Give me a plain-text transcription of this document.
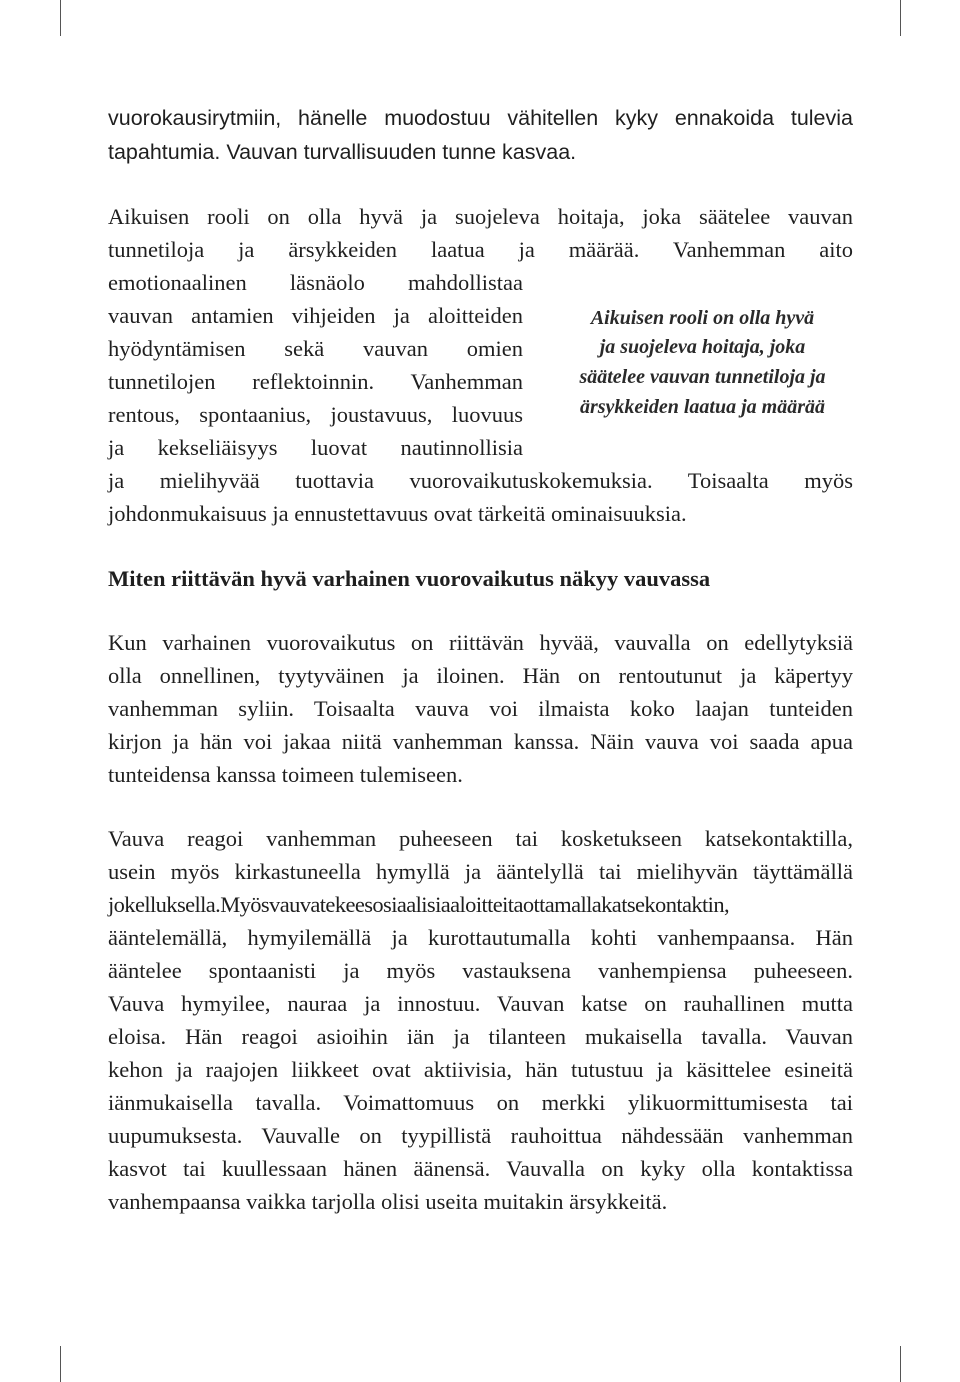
vuorokausirytmiin, hänelle muodostuu vähitellen kyky ennakoida tulevia
tapahtumia. Vauvan turvallisuuden tunne kasvaa.
Aikuisen rooli on olla hyvä ja suojeleva hoitaja, joka säätelee vauvan
tunnetiloja ja ärsykkeiden laatua ja määrää. Vanhemman aito
emotionaalinen läsnäolo mahdollistaa
vauvan antamien vihjeiden ja aloitteiden
hyödyntämisen sekä vauvan omien
tunnetilojen reflektoinnin. Vanhemman
rentous, spontaanius, joustavuus, luovuus
ja kekseliäisyys luovat nautinnollisia
ja mielihyvää tuottavia vuorovaikutuskokemuksia. Toisaalta myös
johdonmukaisuus ja ennustettavuus ovat tärkeitä ominaisuuksia.
Aikuisen rooli on olla hyvä
ja suojeleva hoitaja, joka
säätelee vauvan tunnetiloja ja
ärsykkeiden laatua ja määrää
Miten riittävän hyvä varhainen vuorovaikutus näkyy vauvassa
Kun varhainen vuorovaikutus on riittävän hyvää, vauvalla on edellytyksiä
olla onnellinen, tyytyväinen ja iloinen. Hän on rentoutunut ja käpertyy
vanhemman syliin. Toisaalta vauva voi ilmaista koko laajan tunteiden
kirjon ja hän voi jakaa niitä vanhemman kanssa. Näin vauva voi saada apua
tunteidensa kanssa toimeen tulemiseen.
Vauva reagoi vanhemman puheeseen tai kosketukseen katsekontaktilla,
usein myös kirkastuneella hymyllä ja ääntelyllä tai mielihyvän täyttämällä
jokelluksella.Myösvauvatekeesosiaalisiaaloitteitaottamallakatsekontaktin,
ääntelemällä, hymyilemällä ja kurottautumalla kohti vanhempaansa. Hän
ääntelee spontaanisti ja myös vastauksena vanhempiensa puheeseen.
Vauva hymyilee, nauraa ja innostuu. Vauvan katse on rauhallinen mutta
eloisa. Hän reagoi asioihin iän ja tilanteen mukaisella tavalla. Vauvan
kehon ja raajojen liikkeet ovat aktiivisia, hän tutustuu ja käsittelee esineitä
iänmukaisella tavalla. Voimattomuus on merkki ylikuormittumisesta tai
uupumuksesta. Vauvalle on tyypillistä rauhoittua nähdessään vanhemman
kasvot tai kuullessaan hänen äänensä. Vauvalla on kyky olla kontaktissa
vanhempaansa vaikka tarjolla olisi useita muitakin ärsykkeitä.
